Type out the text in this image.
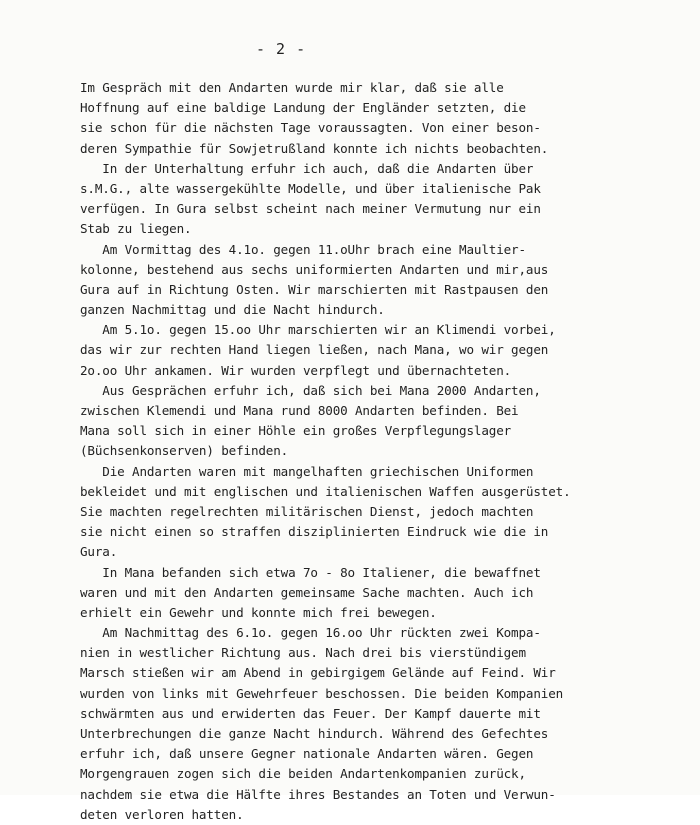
- 2 -
Im Gespräch mit den Andarten wurde mir klar, daß sie alle
Hoffnung auf eine baldige Landung der Engländer setzten, die
sie schon für die nächsten Tage voraussagten. Von einer beson-
deren Sympathie für Sowjetrußland konnte ich nichts beobachten.
In der Unterhaltung erfuhr ich auch, daß die Andarten über
s.M.G., alte wassergekühlte Modelle, und über italienische Pak
verfügen. In Gura selbst scheint nach meiner Vermutung nur ein
Stab zu liegen.
Am Vormittag des 4.1o. gegen 11.oUhr brach eine Maultier-
kolonne, bestehend aus sechs uniformierten Andarten und mir,aus
Gura auf in Richtung Osten. Wir marschierten mit Rastpausen den
ganzen Nachmittag und die Nacht hindurch.
Am 5.1o. gegen 15.oo Uhr marschierten wir an Klimendi vorbei,
das wir zur rechten Hand liegen ließen, nach Mana, wo wir gegen
2o.oo Uhr ankamen. Wir wurden verpflegt und übernachteten.
Aus Gesprächen erfuhr ich, daß sich bei Mana 2000 Andarten,
zwischen Klemendi und Mana rund 8000 Andarten befinden. Bei
Mana soll sich in einer Höhle ein großes Verpflegungslager
(Büchsenkonserven) befinden.
Die Andarten waren mit mangelhaften griechischen Uniformen
bekleidet und mit englischen und italienischen Waffen ausgerüstet.
Sie machten regelrechten militärischen Dienst, jedoch machten
sie nicht einen so straffen disziplinierten Eindruck wie die in
Gura.
In Mana befanden sich etwa 7o - 8o Italiener, die bewaffnet
waren und mit den Andarten gemeinsame Sache machten. Auch ich
erhielt ein Gewehr und konnte mich frei bewegen.
Am Nachmittag des 6.1o. gegen 16.oo Uhr rückten zwei Kompa-
nien in westlicher Richtung aus. Nach drei bis vierstündigem
Marsch stießen wir am Abend in gebirgigem Gelände auf Feind. Wir
wurden von links mit Gewehrfeuer beschossen. Die beiden Kompanien
schwärmten aus und erwiderten das Feuer. Der Kampf dauerte mit
Unterbrechungen die ganze Nacht hindurch. Während des Gefechtes
erfuhr ich, daß unsere Gegner nationale Andarten wären. Gegen
Morgengrauen zogen sich die beiden Andartenkompanien zurück,
nachdem sie etwa die Hälfte ihres Bestandes an Toten und Verwun-
deten verloren hatten.
